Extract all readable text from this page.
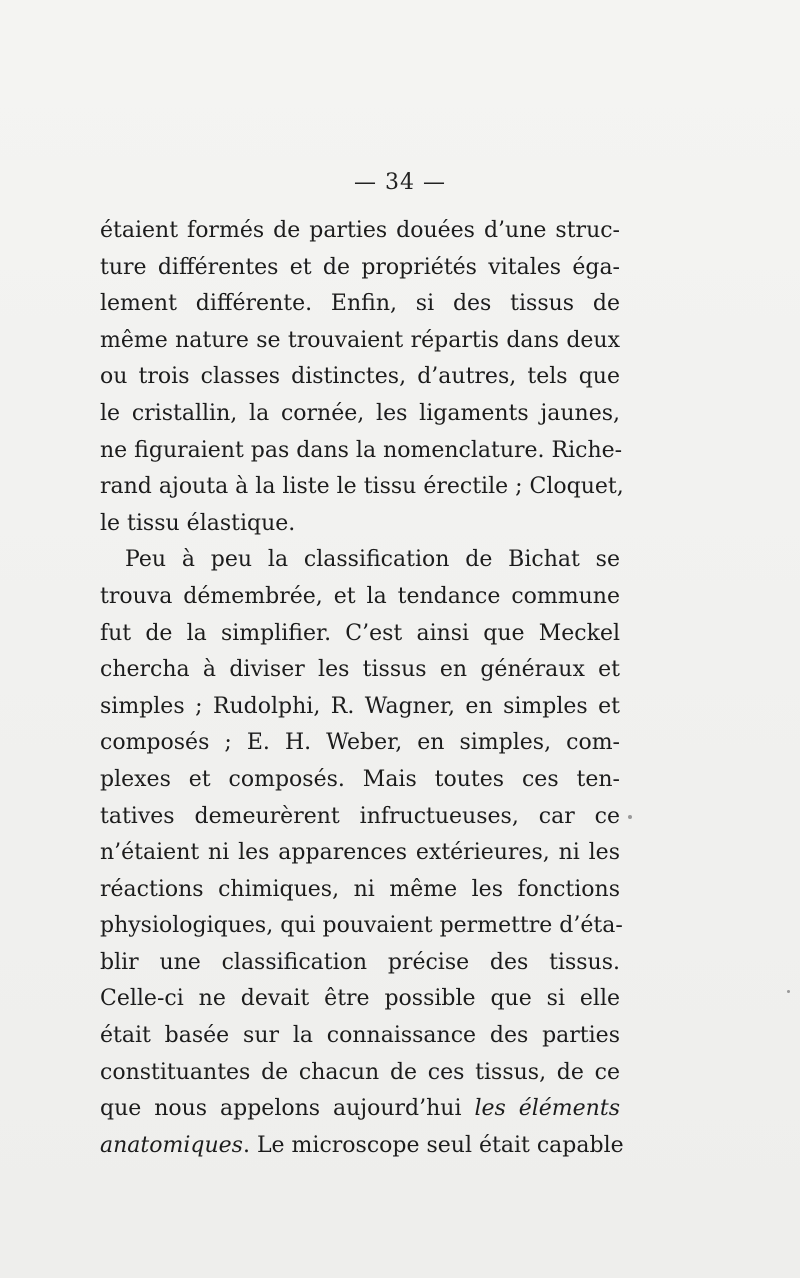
— 34 —
étaient formés de parties douées d’une struc-
ture différentes et de propriétés vitales éga-
lement différente. Enfin, si des tissus de
même nature se trouvaient répartis dans deux
ou trois classes distinctes, d’autres, tels que
le cristallin, la cornée, les ligaments jaunes,
ne figuraient pas dans la nomenclature. Riche-
rand ajouta à la liste le tissu érectile ; Cloquet,
le tissu élastique.
Peu à peu la classification de Bichat se
trouva démembrée, et la tendance commune
fut de la simplifier. C’est ainsi que Meckel
chercha à diviser les tissus en généraux et
simples ; Rudolphi, R. Wagner, en simples et
composés ; E. H. Weber, en simples, com-
plexes et composés. Mais toutes ces ten-
tatives demeurèrent infructueuses, car ce
n’étaient ni les apparences extérieures, ni les
réactions chimiques, ni même les fonctions
physiologiques, qui pouvaient permettre d’éta-
blir une classification précise des tissus.
Celle-ci ne devait être possible que si elle
était basée sur la connaissance des parties
constituantes de chacun de ces tissus, de ce
que nous appelons aujourd’hui les éléments
anatomiques. Le microscope seul était capable
